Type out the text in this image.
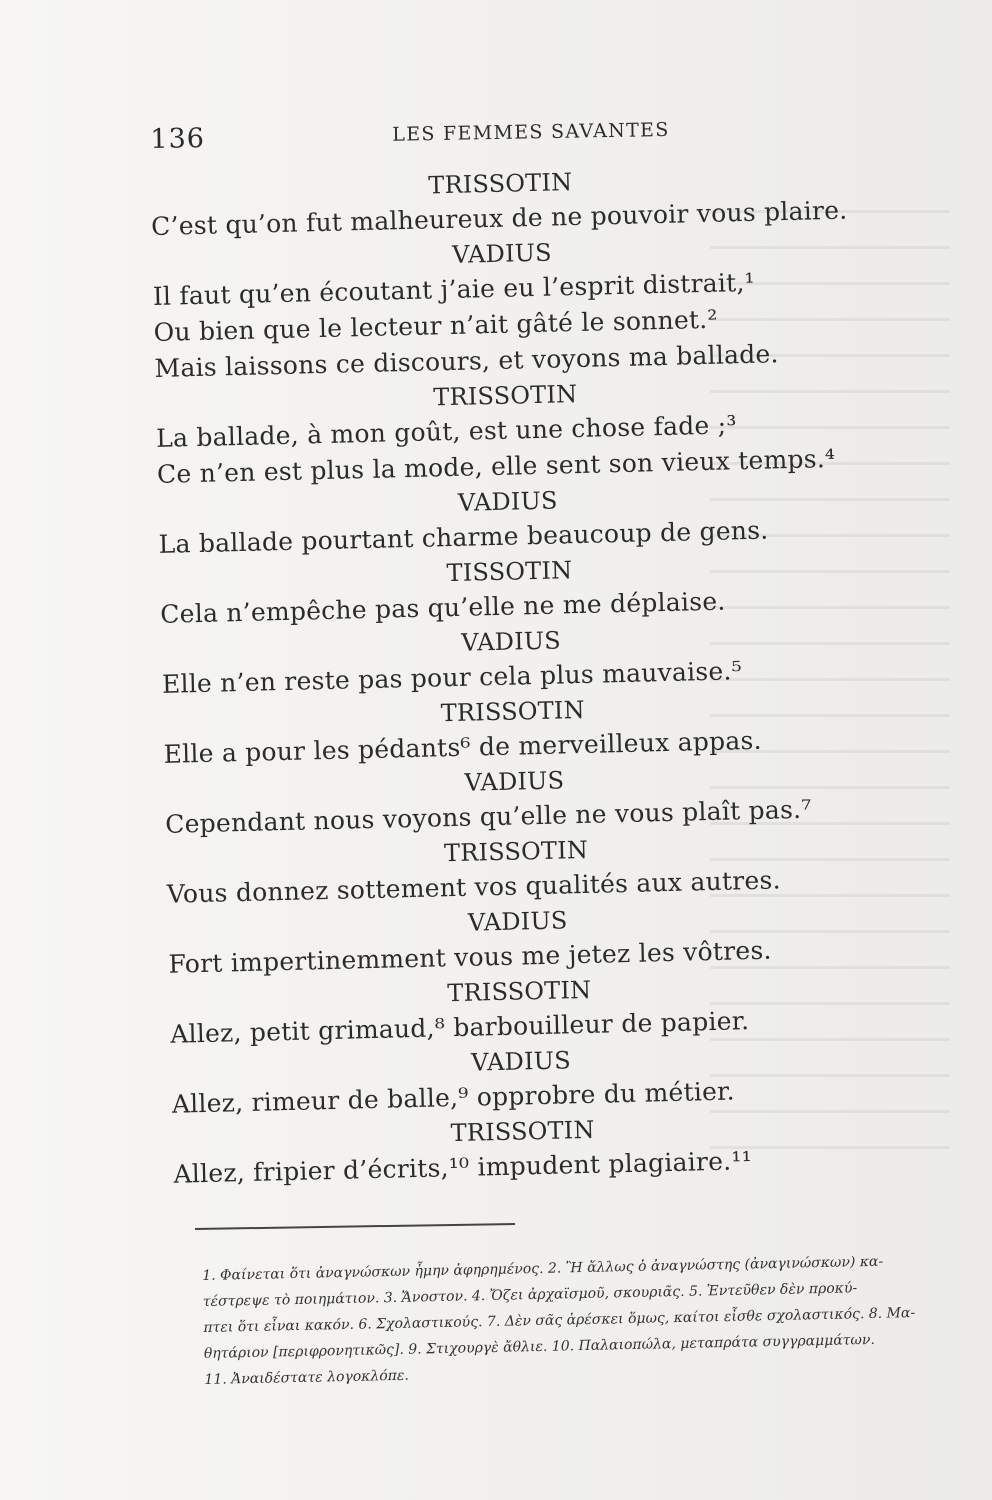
136	LES FEMMES SAVANTES
TRISSOTIN
C’est qu’on fut malheureux de ne pouvoir vous plaire.
VADIUS
Il faut qu’en écoutant j’aie eu l’esprit distrait,¹
Ou bien que le lecteur n’ait gâté le sonnet.²
Mais laissons ce discours, et voyons ma ballade.
TRISSOTIN
La ballade, à mon goût, est une chose fade ;³
Ce n’en est plus la mode, elle sent son vieux temps.⁴
VADIUS
La ballade pourtant charme beaucoup de gens.
TISSOTIN
Cela n’empêche pas qu’elle ne me déplaise.
VADIUS
Elle n’en reste pas pour cela plus mauvaise.⁵
TRISSOTIN
Elle a pour les pédants⁶ de merveilleux appas.
VADIUS
Cependant nous voyons qu’elle ne vous plaît pas.⁷
TRISSOTIN
Vous donnez sottement vos qualités aux autres.
VADIUS
Fort impertinemment vous me jetez les vôtres.
TRISSOTIN
Allez, petit grimaud,⁸ barbouilleur de papier.
VADIUS
Allez, rimeur de balle,⁹ opprobre du métier.
TRISSOTIN
Allez, fripier d’écrits,¹⁰ impudent plagiaire.¹¹
1. Φαίνεται ὅτι ἀναγνώσκων ἦμην ἀφηρημένος. 2. Ἢ ἄλλως ὁ ἀναγνώστης (ἀναγινώσκων) κα-
τέστρεψε τὸ ποιημάτιον. 3. Ἄνοστον. 4. Ὄζει ἀρχαϊσμοῦ, σκουριᾶς. 5. Ἐντεῦθεν δὲν προκύ-
πτει ὅτι εἶναι κακόν. 6. Σχολαστικούς. 7. Δὲν σᾶς ἀρέσκει ὅμως, καίτοι εἶσθε σχολαστικός. 8. Μα-
θητάριον [περιφρονητικῶς]. 9. Στιχουργὲ ἄθλιε. 10. Παλαιοπώλα, μεταπράτα συγγραμμάτων.
11. Ἀναιδέστατε λογοκλόπε.
